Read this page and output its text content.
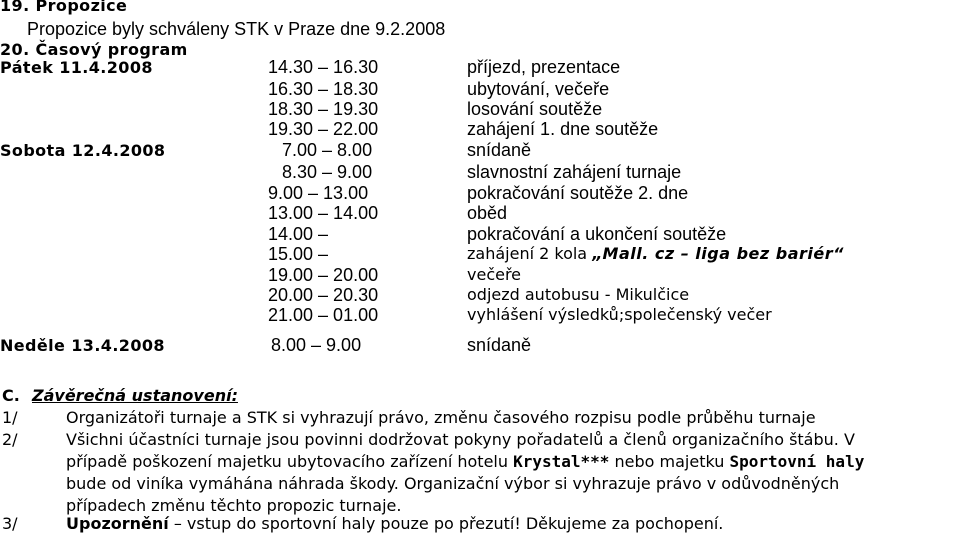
19. Propozice
Propozice byly schváleny STK v Praze dne 9.2.2008
20. Časový program
Pátek 11.4.2008	14.30 – 16.30	příjezd, prezentace
16.30 – 18.30	ubytování, večeře
18.30 – 19.30	losování soutěže
19.30 – 22.00	zahájení 1. dne soutěže
Sobota 12.4.2008	7.00 – 8.00	snídaně
8.30 – 9.00	slavnostní zahájení turnaje
9.00 – 13.00	pokračování soutěže 2. dne
13.00 – 14.00	oběd
14.00 –	pokračování a ukončení soutěže
15.00 –	zahájení 2 kola „Mall. cz – liga bez bariér“
19.00 – 20.00	večeře
20.00 – 20.30	odjezd autobusu - Mikulčice
21.00 – 01.00	vyhlášení výsledků;společenský večer
Neděle 13.4.2008	8.00 – 9.00	snídaně
C. Závěrečná ustanovení:
1/	Organizátoři turnaje a STK si vyhrazují právo, změnu časového rozpisu podle průběhu turnaje
2/	Všichni účastníci turnaje jsou povinni dodržovat pokyny pořadatelů a členů organizačního štábu. V
případě poškození majetku ubytovacího zařízení hotelu Krystal*** nebo majetku Sportovní haly
bude od viníka vymáhána náhrada škody. Organizační výbor si vyhrazuje právo v odůvodněných
případech změnu těchto propozic turnaje.
3/	Upozornění – vstup do sportovní haly pouze po přezutí! Děkujeme za pochopení.
